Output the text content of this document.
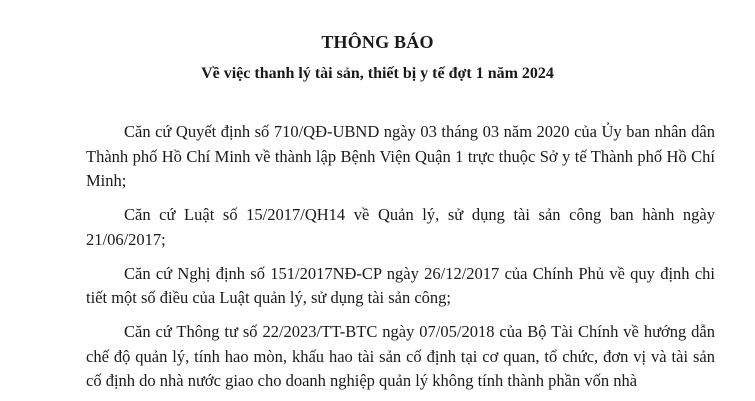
THÔNG BÁO
Về việc thanh lý tài sản, thiết bị y tế đợt 1 năm 2024

Căn cứ Quyết định số 710/QĐ-UBND ngày 03 tháng 03 năm 2020 của Ủy ban nhân dân Thành phố Hồ Chí Minh về thành lập Bệnh Viện Quận 1 trực thuộc Sở y tế Thành phố Hồ Chí Minh;

Căn cứ Luật số 15/2017/QH14 về Quản lý, sử dụng tài sản công ban hành ngày 21/06/2017;

Căn cứ Nghị định số 151/2017NĐ-CP ngày 26/12/2017 của Chính Phủ về quy định chi tiết một số điều của Luật quản lý, sử dụng tài sản công;

Căn cứ Thông tư số 22/2023/TT-BTC ngày 07/05/2018 của Bộ Tài Chính về hướng dẫn chế độ quản lý, tính hao mòn, khấu hao tài sản cố định tại cơ quan, tổ chức, đơn vị và tài sản cố định do nhà nước giao cho doanh nghiệp quản lý không tính thành phần vốn nhà
